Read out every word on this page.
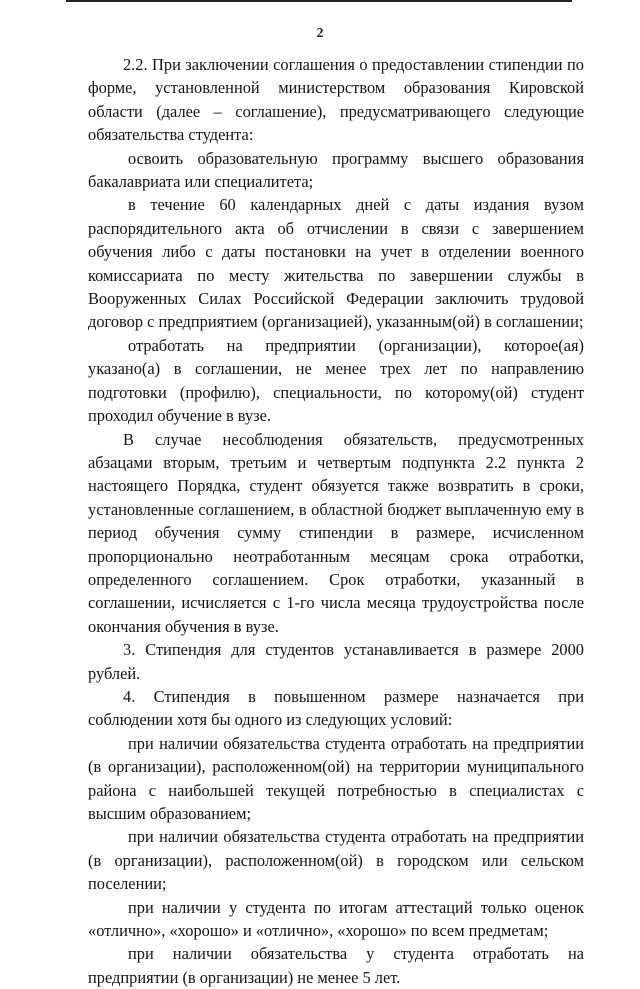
2

2.2. При заключении соглашения о предоставлении стипендии по форме, установленной министерством образования Кировской области (далее – соглашение), предусматривающего следующие обязательства студента:

освоить образовательную программу высшего образования бакалавриата или специалитета;

в течение 60 календарных дней с даты издания вузом распорядительного акта об отчислении в связи с завершением обучения либо с даты постановки на учет в отделении военного комиссариата по месту жительства по завершении службы в Вооруженных Силах Российской Федерации заключить трудовой договор с предприятием (организацией), указанным(ой) в соглашении;

отработать на предприятии (организации), которое(ая) указано(а) в соглашении, не менее трех лет по направлению подготовки (профилю), специальности, по которому(ой) студент проходил обучение в вузе.

В случае несоблюдения обязательств, предусмотренных абзацами вторым, третьим и четвертым подпункта 2.2 пункта 2 настоящего Порядка, студент обязуется также возвратить в сроки, установленные соглашением, в областной бюджет выплаченную ему в период обучения сумму стипендии в размере, исчисленном пропорционально неотработанным месяцам срока отработки, определенного соглашением. Срок отработки, указанный в соглашении, исчисляется с 1-го числа месяца трудоустройства после окончания обучения в вузе.

3. Стипендия для студентов устанавливается в размере 2000 рублей.

4. Стипендия в повышенном размере назначается при соблюдении хотя бы одного из следующих условий:

при наличии обязательства студента отработать на предприятии (в организации), расположенном(ой) на территории муниципального района с наибольшей текущей потребностью в специалистах с высшим образованием;

при наличии обязательства студента отработать на предприятии (в организации), расположенном(ой) в городском или сельском поселении;

при наличии у студента по итогам аттестаций только оценок «отлично», «хорошо» и «отлично», «хорошо» по всем предметам;

при наличии обязательства у студента отработать на предприятии (в организации) не менее 5 лет.
